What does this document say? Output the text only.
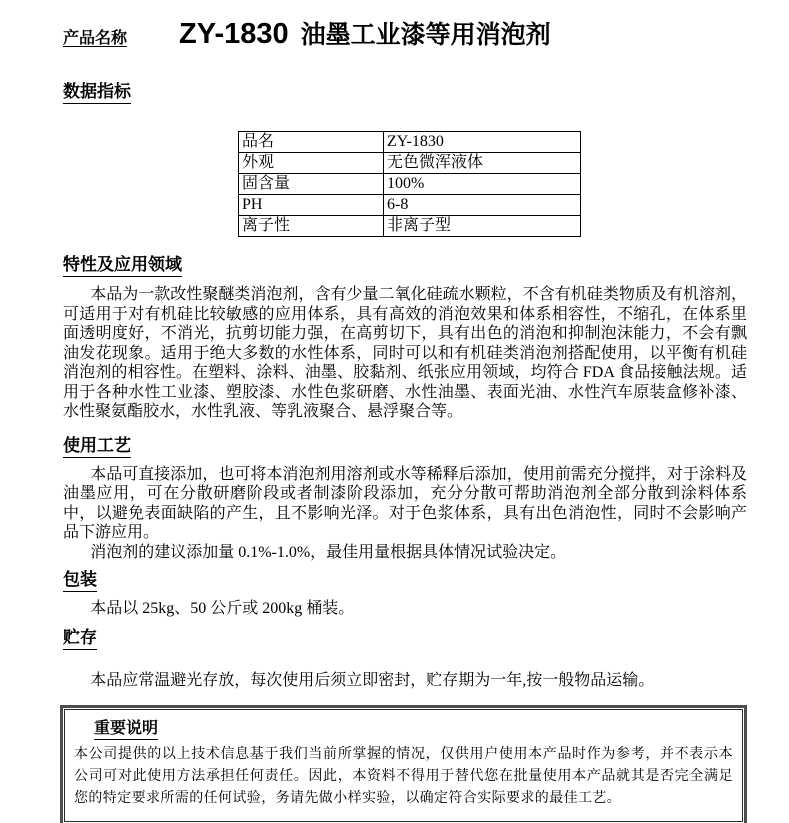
产品名称 ZY-1830 油墨工业漆等用消泡剂
数据指标
品名	ZY-1830
外观	无色微浑液体
固含量	100%
PH	6-8
离子性	非离子型
特性及应用领域

本品为一款改性聚醚类消泡剂，含有少量二氧化硅疏水颗粒，不含有机硅类物质及有机溶剂，可适用于对有机硅比较敏感的应用体系，具有高效的消泡效果和体系相容性，不缩孔，在体系里面透明度好，不消光，抗剪切能力强，在高剪切下，具有出色的消泡和抑制泡沫能力，不会有飘油发花现象。适用于绝大多数的水性体系，同时可以和有机硅类消泡剂搭配使用，以平衡有机硅消泡剂的相容性。在塑料、涂料、油墨、胶黏剂、纸张应用领域，均符合 FDA 食品接触法规。适用于各种水性工业漆、塑胶漆、水性色浆研磨、水性油墨、表面光油、水性汽车原装盒修补漆、水性聚氨酯胶水，水性乳液、等乳液聚合、悬浮聚合等。

使用工艺

本品可直接添加，也可将本消泡剂用溶剂或水等稀释后添加，使用前需充分搅拌，对于涂料及油墨应用，可在分散研磨阶段或者制漆阶段添加，充分分散可帮助消泡剂全部分散到涂料体系中，以避免表面缺陷的产生，且不影响光泽。对于色浆体系，具有出色消泡性，同时不会影响产品下游应用。

消泡剂的建议添加量 0.1%-1.0%，最佳用量根据具体情况试验决定。

包装

本品以 25kg、50 公斤或 200kg 桶装。

贮存

本品应常温避光存放，每次使用后须立即密封，贮存期为一年,按一般物品运输。

重要说明

本公司提供的以上技术信息基于我们当前所掌握的情况，仅供用户使用本产品时作为参考，并不表示本公司可对此使用方法承担任何责任。因此，本资料不得用于替代您在批量使用本产品就其是否完全满足您的特定要求所需的任何试验，务请先做小样实验，以确定符合实际要求的最佳工艺。
